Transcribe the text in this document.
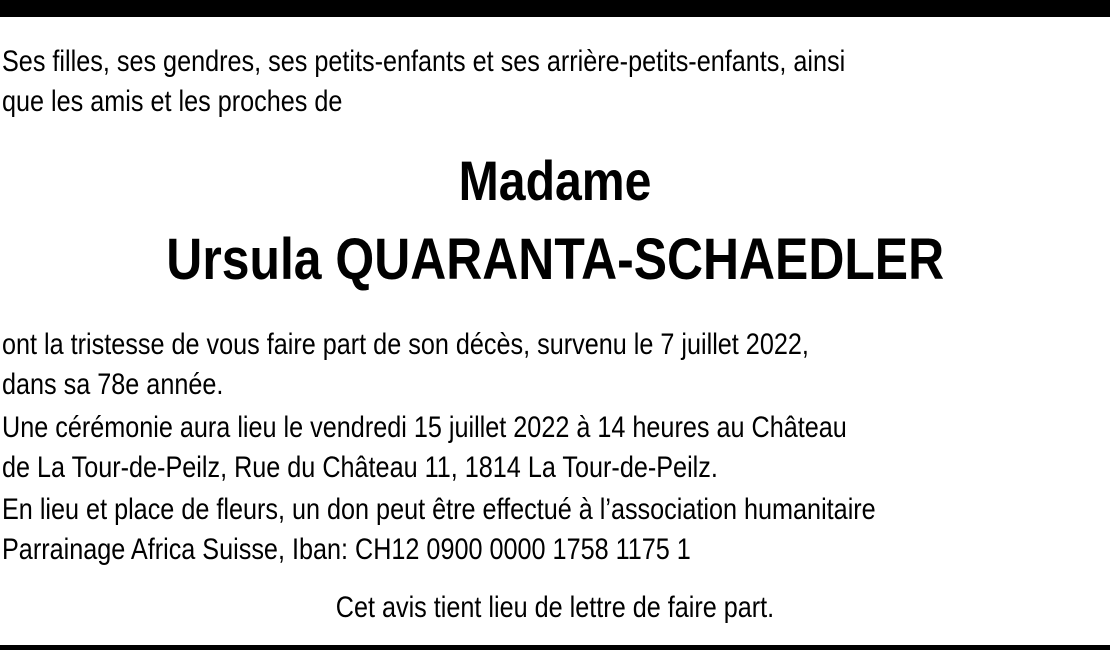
Ses filles, ses gendres, ses petits-enfants et ses arrière-petits-enfants, ainsi
que les amis et les proches de
Madame
Ursula QUARANTA-SCHAEDLER
ont la tristesse de vous faire part de son décès, survenu le 7 juillet 2022,
dans sa 78e année.
Une cérémonie aura lieu le vendredi 15 juillet 2022 à 14 heures au Château
de La Tour-de-Peilz, Rue du Château 11, 1814 La Tour-de-Peilz.
En lieu et place de fleurs, un don peut être effectué à l’association humanitaire
Parrainage Africa Suisse, Iban: CH12 0900 0000 1758 1175 1
Cet avis tient lieu de lettre de faire part.
